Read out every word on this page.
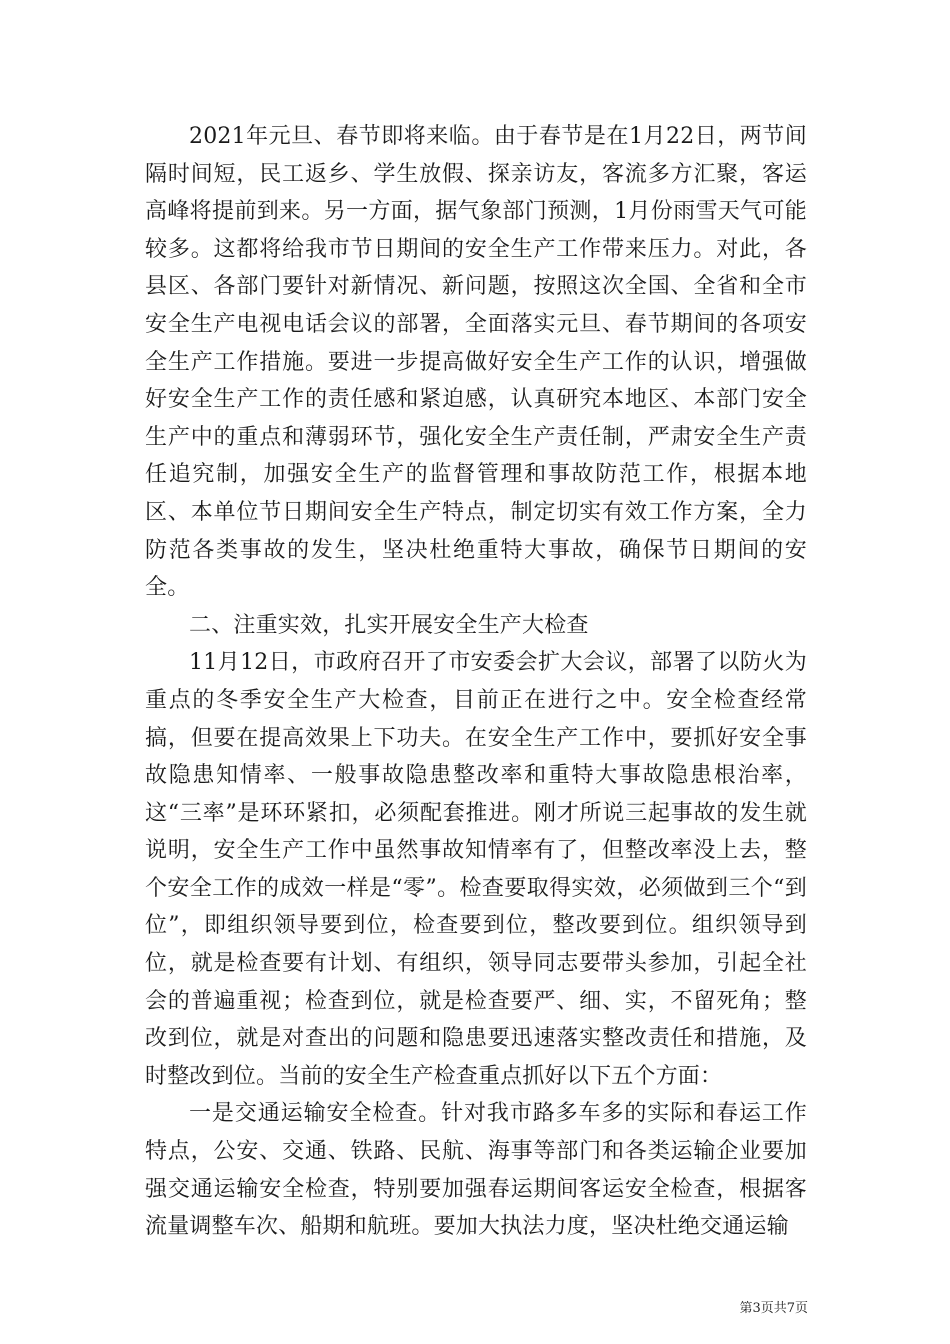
2021年元旦、春节即将来临。由于春节是在1月22日，两节间隔时间短，民工返乡、学生放假、探亲访友，客流多方汇聚，客运高峰将提前到来。另一方面，据气象部门预测，1月份雨雪天气可能较多。这都将给我市节日期间的安全生产工作带来压力。对此，各县区、各部门要针对新情况、新问题，按照这次全国、全省和全市安全生产电视电话会议的部署，全面落实元旦、春节期间的各项安全生产工作措施。要进一步提高做好安全生产工作的认识，增强做好安全生产工作的责任感和紧迫感，认真研究本地区、本部门安全生产中的重点和薄弱环节，强化安全生产责任制，严肃安全生产责任追究制，加强安全生产的监督管理和事故防范工作，根据本地区、本单位节日期间安全生产特点，制定切实有效工作方案，全力防范各类事故的发生，坚决杜绝重特大事故，确保节日期间的安全。

二、注重实效，扎实开展安全生产大检查

11月12日，市政府召开了市安委会扩大会议，部署了以防火为重点的冬季安全生产大检查，目前正在进行之中。安全检查经常搞，但要在提高效果上下功夫。在安全生产工作中，要抓好安全事故隐患知情率、一般事故隐患整改率和重特大事故隐患根治率，这“三率”是环环紧扣，必须配套推进。刚才所说三起事故的发生就说明，安全生产工作中虽然事故知情率有了，但整改率没上去，整个安全工作的成效一样是“零”。检查要取得实效，必须做到三个“到位”，即组织领导要到位，检查要到位，整改要到位。组织领导到位，就是检查要有计划、有组织，领导同志要带头参加，引起全社会的普遍重视；检查到位，就是检查要严、细、实，不留死角；整改到位，就是对查出的问题和隐患要迅速落实整改责任和措施，及时整改到位。当前的安全生产检查重点抓好以下五个方面：

一是交通运输安全检查。针对我市路多车多的实际和春运工作特点，公安、交通、铁路、民航、海事等部门和各类运输企业要加强交通运输安全检查，特别要加强春运期间客运安全检查，根据客流量调整车次、船期和航班。要加大执法力度，坚决杜绝交通运输

第3页共7页
